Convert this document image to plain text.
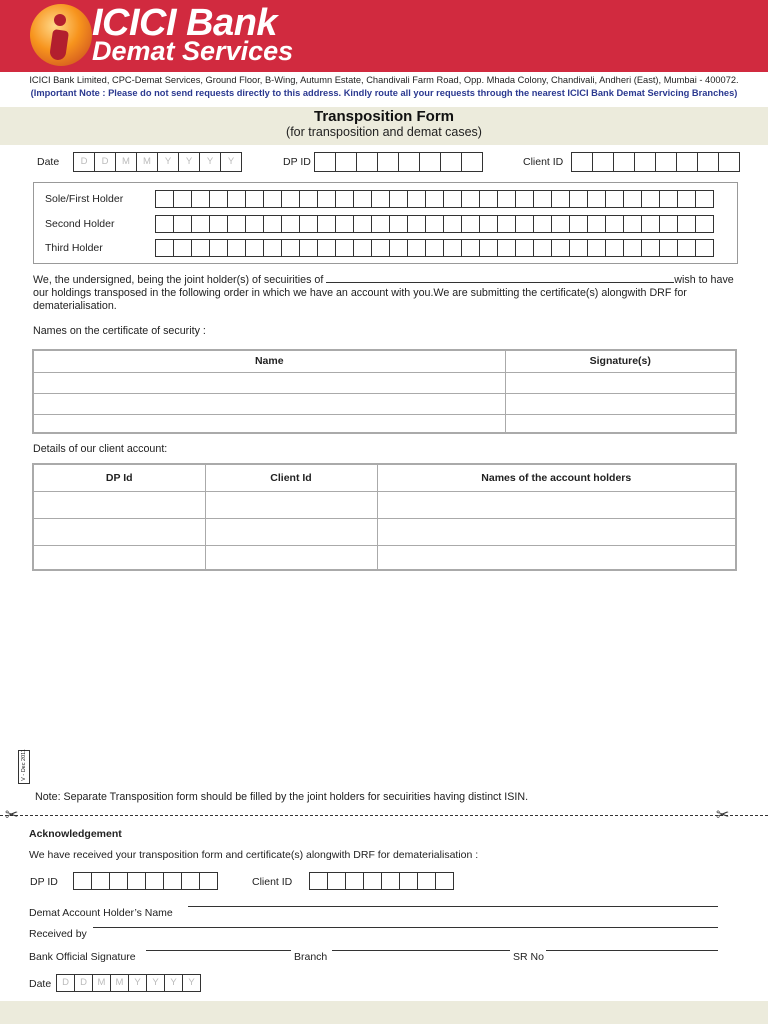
ICICI Bank
Demat Services
ICICI Bank Limited, CPC-Demat Services, Ground Floor, B-Wing, Autumn Estate, Chandivali Farm Road, Opp. Mhada Colony, Chandivali, Andheri (East), Mumbai - 400072.
(Important Note : Please do not send requests directly to this address. Kindly route all your requests through the nearest ICICI Bank Demat Servicing Branches)
Transposition Form
(for transposition and demat cases)
Date	D	D	M	M	Y	Y	Y	Y	DP ID	Client ID
Sole/First Holder
Second Holder
Third Holder
We, the undersigned, being the joint holder(s) of secuirities of	wish to have our holdings transposed in the following order in which we have an account with you.We are submitting the certificate(s) alongwith DRF for dematerialisation.
Names on the certificate of security :
Name	Signature(s)

Details of our client account:
DP Id	Client Id	Names of the account holders

V - Dec 2011
Note: Separate Transposition form should be filled by the joint holders for secuirities having distinct ISIN.
✂	✂
Acknowledgement
We have received your transposition form and certificate(s) alongwith DRF for dematerialisation :
DP ID	Client ID
Demat Account Holder’s Name
Received by
Bank Official Signature	Branch	SR No
Date	D	D	M	M	Y	Y	Y	Y
